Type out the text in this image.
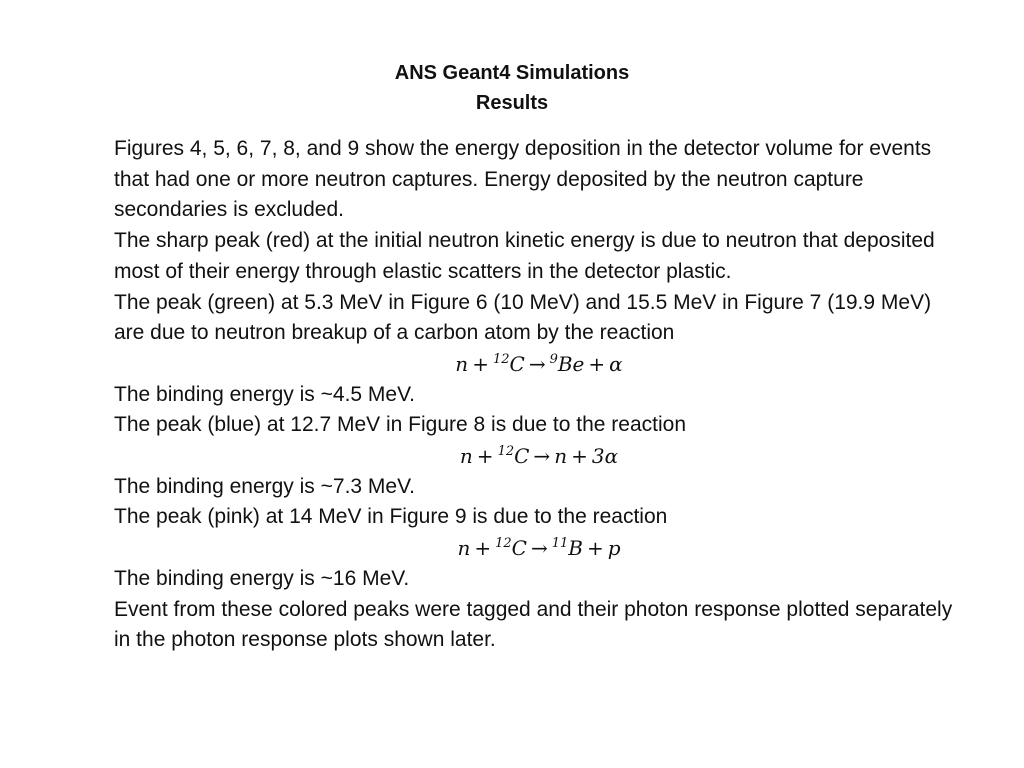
ANS Geant4 Simulations
Results

Figures 4, 5, 6, 7, 8, and 9 show the energy deposition in the detector volume for events that had one or more neutron captures. Energy deposited by the neutron capture secondaries is excluded.

The sharp peak (red) at the initial neutron kinetic energy is due to neutron that deposited most of their energy through elastic scatters in the detector plastic.

The peak (green) at 5.3 MeV in Figure 6 (10 MeV) and 15.5 MeV in Figure 7 (19.9 MeV) are due to neutron breakup of a carbon atom by the reaction

n + $^{12}$C → $^9$Be + α

The binding energy is ~4.5 MeV.

The peak (blue) at 12.7 MeV in Figure 8 is due to the reaction

n + $^{12}$C → n + 3α

The binding energy is ~7.3 MeV.

The peak (pink) at 14 MeV in Figure 9 is due to the reaction

n + $^{12}$C → $^{11}$B + p

The binding energy is ~16 MeV.

Event from these colored peaks were tagged and their photon response plotted separately in the photon response plots shown later.
